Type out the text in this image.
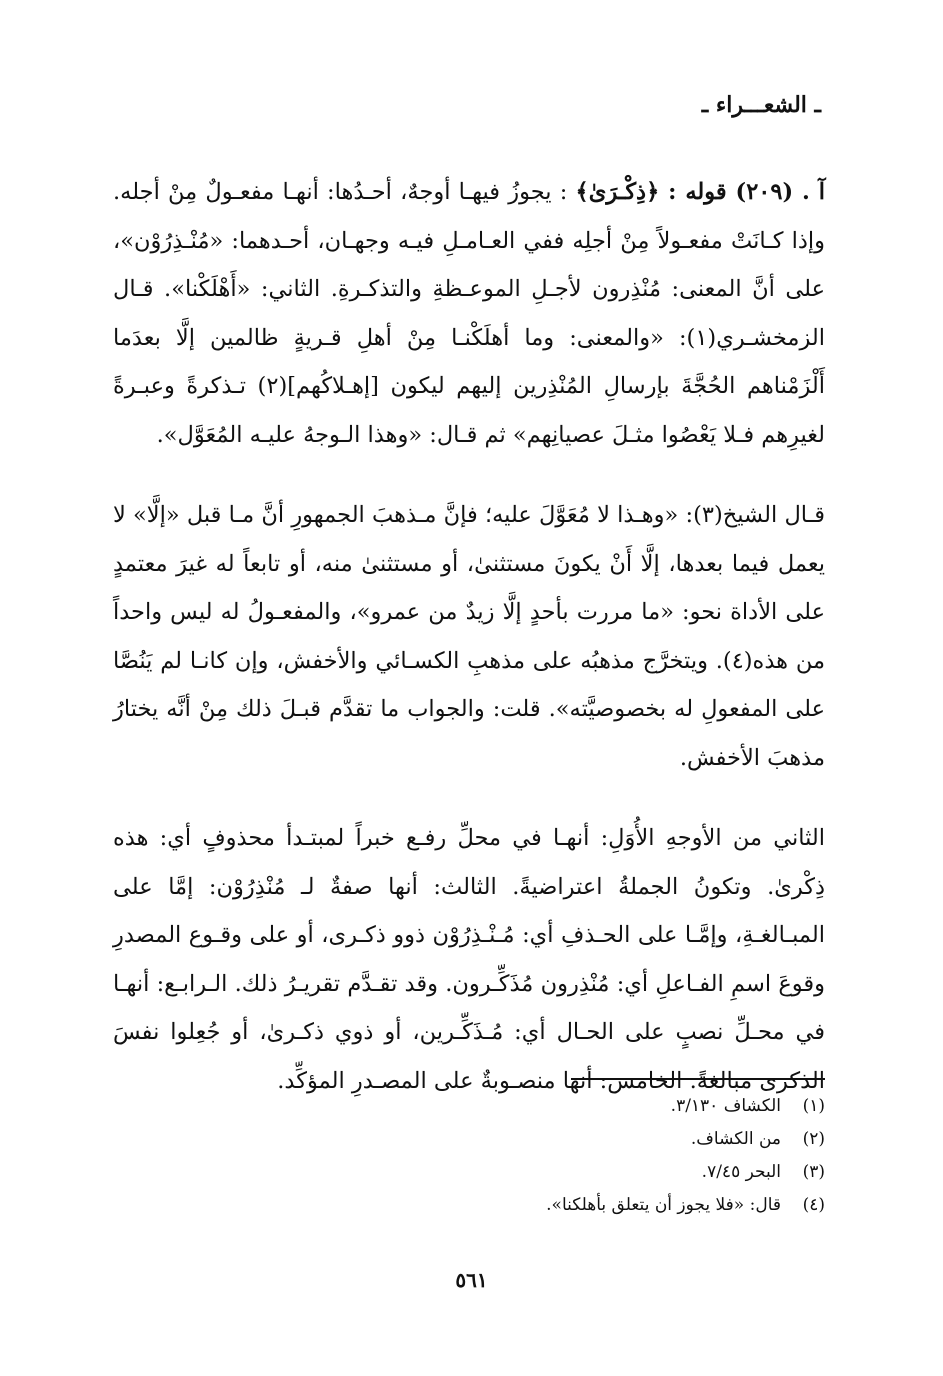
ـ الشعـــراء ـ

آ . (٢٠٩) قوله : ﴿ذِكْـرَىٰ﴾ : يجوزُ فيهـا أوجهٌ، أحـدُها: أنهـا مفعـولٌ مِنْ أجله. وإذا كـانَتْ مفعـولاً مِنْ أجلِه ففي العـامـلِ فيـه وجهـان، أحـدهما: «مُنْـذِرُوْن»، على أنَّ المعنى: مُنْذِرون لأجـلِ الموعـظةِ والتذكـرةِ. الثاني: «أَهْلَكْنا». قـال الزمخشـري(١): «والمعنى: وما أهلَكْنـا مِنْ أهلِ قـريةٍ ظالمين إلَّا بعدَما أَلْزَمْناهم الحُجَّةَ بإرسالِ المُنْذِرين إليهم ليكون [إهـلاكُهم](٢) تـذكرةً وعبـرةً لغيرِهم فـلا يَعْصُوا مثـلَ عصيانِهم» ثم قـال: «وهذا الـوجهُ عليـه المُعَوَّل».

قـال الشيخ(٣): «وهـذا لا مُعَوَّلَ عليه؛ فإنَّ مـذهبَ الجمهورِ أنَّ مـا قبل «إلَّا» لا يعمل فيما بعدها، إلَّا أَنْ يكونَ مستثنىٰ، أو مستثنىٰ منه، أو تابعاً له غيرَ معتمدٍ على الأداة نحو: «ما مررت بأحدٍ إلَّا زيدٌ من عمرو»، والمفعـولُ له ليس واحداً من هذه(٤). ويتخرَّج مذهبُه على مذهبِ الكسـائي والأخفش، وإن كانـا لم يَنُصَّا على المفعولِ له بخصوصيَّته». قلت: والجواب ما تقدَّم قبـلَ ذلك مِنْ أنَّه يختارُ مذهبَ الأخفش.

الثاني من الأوجهِ الأُوَلِ: أنهـا في محلِّ رفـع خبراً لمبتـدأ محذوفٍ أي: هذه ذِكْرىٰ. وتكونُ الجملةُ اعتراضيةً. الثالث: أنها صفةٌ لـ مُنْذِرُوْن: إمَّا على المبـالغـةِ، وإمَّـا على الحـذفِ أي: مُـنْـذِرُوْن ذوو ذكـرى، أو على وقـوع المصدرِ وقوعَ اسمِ الفـاعلِ أي: مُنْذِرون مُذَكِّـرون. وقد تقـدَّم تقريـرُ ذلك. الـرابـع: أنهـا في محـلِّ نصبٍ على الحـال أي: مُـذَكِّـرين، أو ذوي ذكـرىٰ، أو جُعِلوا نفسَ الذكرى مبالغةً. الخامس: أنها منصـوبةٌ على المصـدرِ المؤكِّد.

(١)
الكشاف ٣/١٣٠.
(٢)
من الكشاف.
(٣)
البحر ٧/٤٥.
(٤)
قال: «فلا يجوز أن يتعلق بأهلكنا».
٥٦١
